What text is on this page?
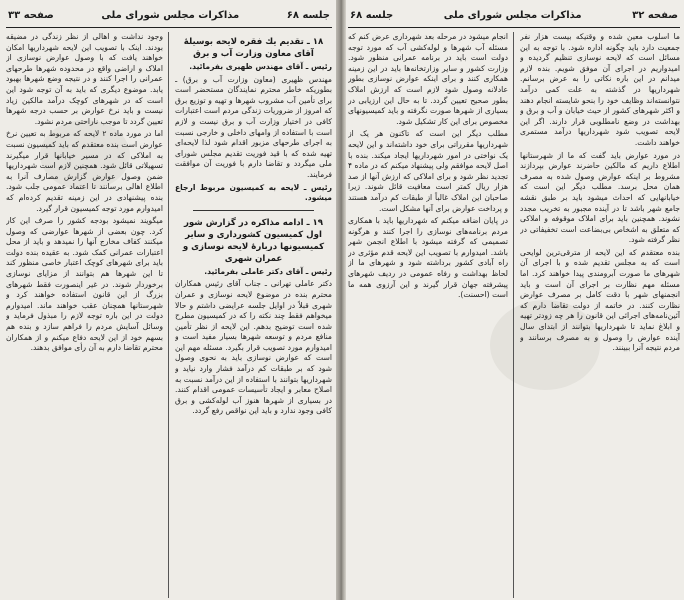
جلسه ۶۸
مذاکرات مجلس شورای ملی
صفحه ۳۳
۱۸ ـ تقدیم یك فقره لایحه بوسیلهٔ آقای معاون وزارت آب و برق

رئیس ـ آقای مهندس ظهیری بفرمائید.

مهندس ظهیری (معاون وزارت آب و برق) ـ بطوریکه خاطر محترم نمایندگان مستحضر است برای تأمین آب مشروب شهرها و تهیه و توزیع برق که امروز از ضروریات زندگی مردم است اعتبارات کافی در اختیار وزارت آب و برق نیست و لازم است با استفاده از وامهای داخلی و خارجی نسبت به اجرای طرحهای مزبور اقدام شود لذا لایحه‌ای تهیه شده که با قید فوریت تقدیم مجلس شورای ملی میگردد و تقاضا دارم با فوریت آن موافقت فرمایند.

رئیس ـ لایحه به کمیسیون مربوط ارجاع میشود.

۱۹ ـ ادامه مذاکره در گزارش شور اول کمیسیون کشورداری و سایر کمیسیونها دربارهٔ لایحه نوسازی و عمران شهری

رئیس ـ آقای دکتر عاملی بفرمائید.

دکتر عاملی تهرانی ـ جناب آقای رئیس همکاران محترم بنده در موضوع لایحه نوسازی و عمران شهری قبلاً در اوایل جلسه عرایضی داشتم و حالا میخواهم فقط چند نکته را که در کمیسیون مطرح شده است توضیح بدهم. این لایحه از نظر تأمین منافع مردم و توسعه شهرها بسیار مفید است و امیدوارم مورد تصویب قرار بگیرد. مسئله مهم این است که عوارض نوسازی باید به نحوی وصول شود که بر طبقات کم درآمد فشار وارد نیاید و شهرداریها بتوانند با استفاده از این درآمد نسبت به اصلاح معابر و ایجاد تأسیسات عمومی اقدام کنند. در بسیاری از شهرها هنوز آب لوله‌کشی و برق کافی وجود ندارد و باید این نواقص رفع گردد.

وجود نداشت و اهالی از نظر زندگی در مضیقه بودند. اینک با تصویب این لایحه شهرداریها امکان خواهند یافت که با وصول عوارض نوسازی از املاک و اراضی واقع در محدوده شهرها طرحهای عمرانی را اجرا کنند و در نتیجه وضع شهرها بهبود یابد. موضوع دیگری که باید به آن توجه شود این است که در شهرهای کوچک درآمد مالکین زیاد نیست و باید نرخ عوارض بر حسب درجه شهرها تعیین گردد تا موجب ناراحتی مردم نشود.

اما در مورد ماده ۲ لایحه که مربوط به تعیین نرخ عوارض است بنده معتقدم که باید کمیسیون نسبت به املاکی که در مسیر خیابانها قرار میگیرند تسهیلاتی قائل شود. همچنین لازم است شهرداریها ضمن وصول عوارض گزارش مصارف آنرا به اطلاع اهالی برسانند تا اعتماد عمومی جلب شود. بنده پیشنهادی در این زمینه تقدیم کرده‌ام که امیدوارم مورد توجه کمیسیون قرار گیرد.

میگویند نمیشود بودجه کشور را صرف این کار کرد. چون بعضی از شهرها عوارضی که وصول میکنند کفاف مخارج آنها را نمیدهد و باید از محل اعتبارات عمرانی کمک شود. به عقیده بنده دولت باید برای شهرهای کوچک اعتبار خاصی منظور کند تا این شهرها هم بتوانند از مزایای نوسازی برخوردار شوند. در غیر اینصورت فقط شهرهای بزرگ از این قانون استفاده خواهند کرد و شهرستانها همچنان عقب خواهند ماند. امیدوارم دولت در این باره توجه لازم را مبذول فرماید و وسائل آسایش مردم را فراهم سازد و بنده هم بسهم خود از این لایحه دفاع میکنم و از همکاران محترم تقاضا دارم به آن رأی موافق بدهند.

صفحه ۳۲
مذاکرات مجلس شورای ملی
جلسه ۶۸

ما اسلوب معین شده و وقتیکه بیست هزار نفر جمعیت دارد باید چگونه اداره شود. با توجه به این مسائل است که لایحه نوسازی تنظیم گردیده و امیدواریم در اجرای آن موفق شویم. بنده لازم میدانم در این باره نکاتی را به عرض برسانم. شهرداریها در گذشته به علت کمی درآمد نتوانسته‌اند وظایف خود را بنحو شایسته انجام دهند و اکثر شهرهای کشور از حیث خیابان و آب و برق و بهداشت در وضع نامطلوبی قرار دارند. اگر این لایحه تصویب شود شهرداریها درآمد مستمری خواهند داشت.

در مورد عوارض باید گفت که ما از شهرستانها اطلاع داریم که مالکین حاضرند عوارض بپردازند مشروط بر اینکه عوارض وصول شده به مصرف همان محل برسد. مطلب دیگر این است که خیابانهایی که احداث میشود باید بر طبق نقشه جامع شهر باشد تا در آینده مجبور به تخریب مجدد نشوند. همچنین باید برای املاک موقوفه و املاکی که متعلق به اشخاص بی‌بضاعت است تخفیفاتی در نظر گرفته شود.

بنده معتقدم که این لایحه از مترقی‌ترین لوایحی است که به مجلس تقدیم شده و با اجرای آن شهرهای ما صورت آبرومندی پیدا خواهند کرد. اما مسئله مهم نظارت بر اجرای آن است و باید انجمنهای شهر با دقت کامل بر مصرف عوارض نظارت کنند. در خاتمه از دولت تقاضا دارم که آئین‌نامه‌های اجرائی این قانون را هر چه زودتر تهیه و ابلاغ نماید تا شهرداریها بتوانند از ابتدای سال آینده عوارض را وصول و به مصرف برسانند و مردم نتیجه آنرا ببینند.

انجام میشود در مرحله بعد شهرداری عرض کنم که مسئله آب شهرها و لوله‌کشی آب که مورد توجه دولت است باید در برنامه عمرانی منظور شود. وزارت کشور و سایر وزارتخانه‌ها باید در این زمینه همکاری کنند و برای اینکه عوارض نوسازی بطور عادلانه وصول شود لازم است که ارزش املاک بطور صحیح تعیین گردد. تا به حال این ارزیابی در بسیاری از شهرها صورت نگرفته و باید کمیسیونهای مخصوص برای این کار تشکیل شود.

مطلب دیگر این است که تاکنون هر یک از شهرداریها مقرراتی برای خود داشته‌اند و این لایحه یک نواختی در امور شهرداریها ایجاد میکند. بنده با اصل لایحه موافقم ولی پیشنهاد میکنم که در ماده ۴ تجدید نظر شود و برای املاکی که ارزش آنها از صد هزار ریال کمتر است معافیت قائل شوند. زیرا صاحبان این املاک غالباً از طبقات کم درآمد هستند و پرداخت عوارض برای آنها مشکل است.

در پایان اضافه میکنم که شهرداریها باید با همکاری مردم برنامه‌های نوسازی را اجرا کنند و هرگونه تصمیمی که گرفته میشود با اطلاع انجمن شهر باشد. امیدوارم با تصویب این لایحه قدم مؤثری در راه آبادی کشور برداشته شود و شهرهای ما از لحاظ بهداشت و رفاه عمومی در ردیف شهرهای پیشرفته جهان قرار گیرند و این آرزوی همه ما است (احسنت).
